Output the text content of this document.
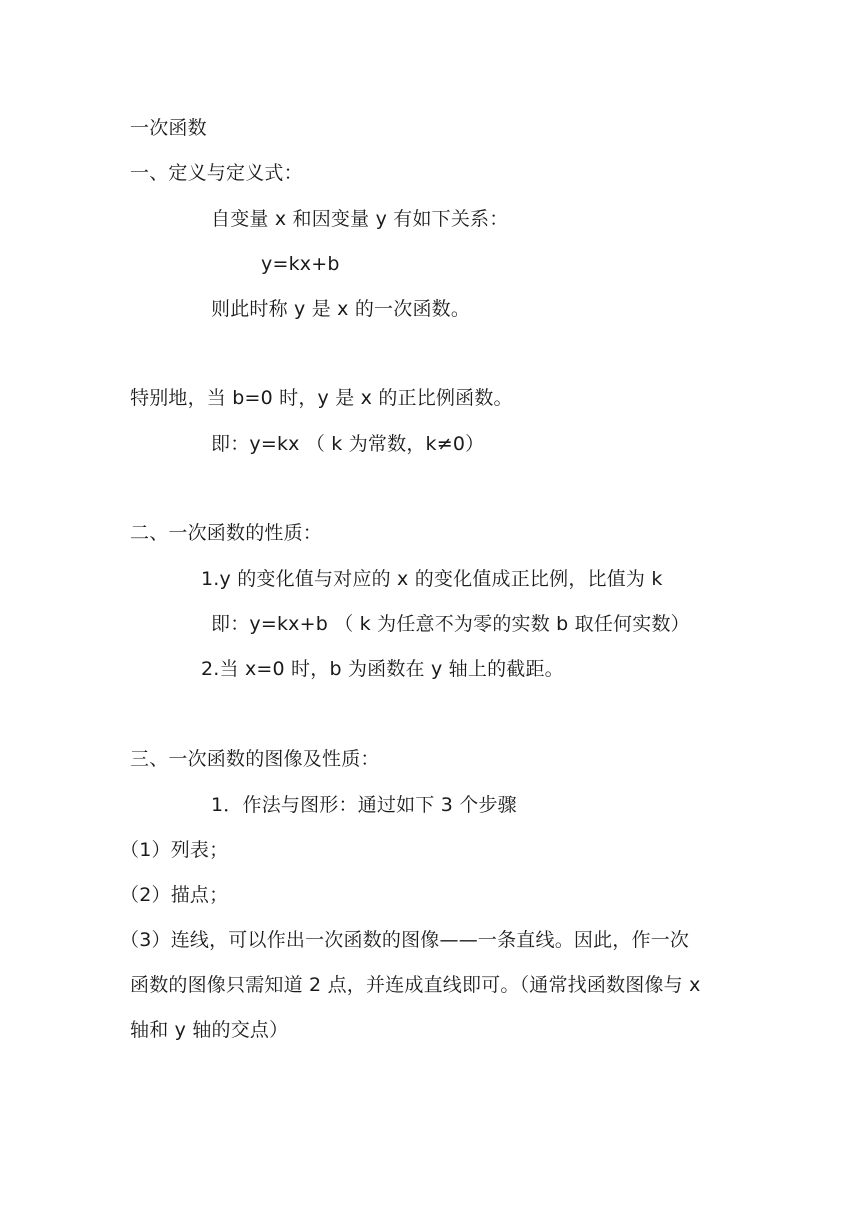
一次函数
一、定义与定义式：
自变量 x 和因变量 y 有如下关系：
y=kx+b
则此时称 y 是 x 的一次函数。
特别地，当 b=0 时，y 是 x 的正比例函数。
即：y=kx （ k 为常数，k≠0）
二、一次函数的性质：
1.y 的变化值与对应的 x 的变化值成正比例，比值为 k
即：y=kx+b （ k 为任意不为零的实数 b 取任何实数）
2.当 x=0 时，b 为函数在 y 轴上的截距。
三、一次函数的图像及性质：
1．作法与图形：通过如下 3 个步骤
（1）列表；
（2）描点；
（3）连线，可以作出一次函数的图像——一条直线。因此，作一次
函数的图像只需知道 2 点，并连成直线即可。（通常找函数图像与 x
轴和 y 轴的交点）
